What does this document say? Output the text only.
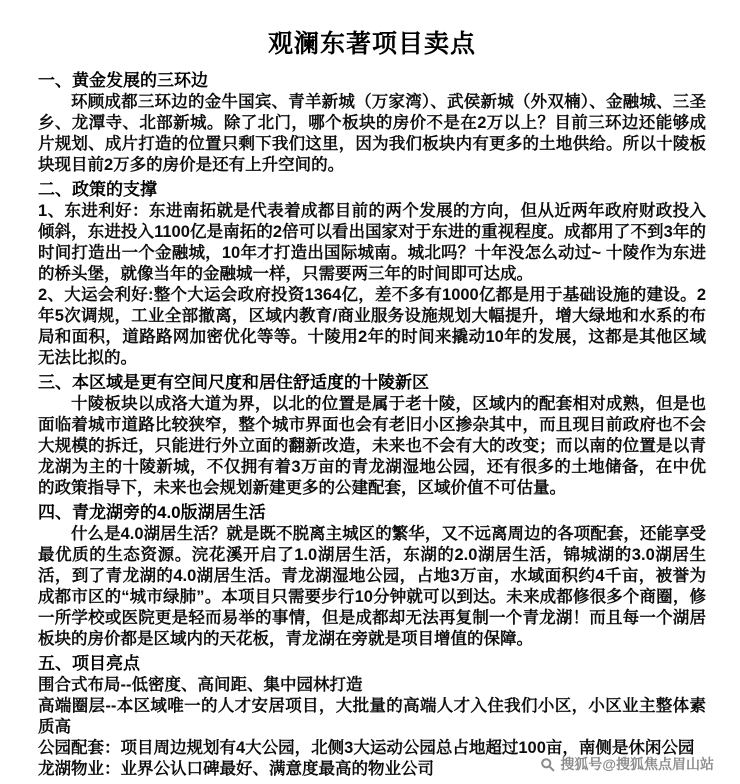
观澜东著项目卖点
一、黄金发展的三环边

环顾成都三环边的金牛国宾、青羊新城（万家湾）、武侯新城（外双楠）、金融城、三圣乡、龙潭寺、北部新城。除了北门，哪个板块的房价不是在2万以上？目前三环边还能够成片规划、成片打造的位置只剩下我们这里，因为我们板块内有更多的土地供给。所以十陵板块现目前2万多的房价是还有上升空间的。

二、政策的支撑

1、东进利好：东进南拓就是代表着成都目前的两个发展的方向，但从近两年政府财政投入倾斜，东进投入1100亿是南拓的2倍可以看出国家对于东进的重视程度。成都用了不到3年的时间打造出一个金融城，10年才打造出国际城南。城北吗？十年没怎么动过~ 十陵作为东进的桥头堡，就像当年的金融城一样，只需要两三年的时间即可达成。

2、大运会利好:整个大运会政府投资1364亿，差不多有1000亿都是用于基础设施的建设。2年5次调规，工业全部撤离，区域内教育/商业服务设施规划大幅提升，增大绿地和水系的布局和面积，道路路网加密优化等等。十陵用2年的时间来撬动10年的发展，这都是其他区域无法比拟的。

三、本区域是更有空间尺度和居住舒适度的十陵新区

十陵板块以成洛大道为界，以北的位置是属于老十陵，区域内的配套相对成熟，但是也面临着城市道路比较狭窄，整个城市界面也会有老旧小区掺杂其中，而且现目前政府也不会大规模的拆迁，只能进行外立面的翻新改造，未来也不会有大的改变；而以南的位置是以青龙湖为主的十陵新城，不仅拥有着3万亩的青龙湖湿地公园，还有很多的土地储备，在中优的政策指导下，未来也会规划新建更多的公建配套，区域价值不可估量。

四、青龙湖旁的4.0版湖居生活

什么是4.0湖居生活？就是既不脱离主城区的繁华，又不远离周边的各项配套，还能享受最优质的生态资源。浣花溪开启了1.0湖居生活，东湖的2.0湖居生活，锦城湖的3.0湖居生活，到了青龙湖的4.0湖居生活。青龙湖湿地公园，占地3万亩，水域面积约4千亩，被誉为成都市区的“城市绿肺”。本项目只需要步行10分钟就可以到达。未来成都修很多个商圈，修一所学校或医院更是轻而易举的事情，但是成都却无法再复制一个青龙湖！而且每一个湖居板块的房价都是区域内的天花板，青龙湖在旁就是项目增值的保障。

五、项目亮点

围合式布局--低密度、高间距、集中园林打造

高端圈层--本区域唯一的人才安居项目，大批量的高端人才入住我们小区，小区业主整体素质高

公园配套：项目周边规划有4大公园，北侧3大运动公园总占地超过100亩，南侧是休闲公园

龙湖物业：业界公认口碑最好、满意度最高的物业公司	搜狐号@搜狐焦点眉山站
